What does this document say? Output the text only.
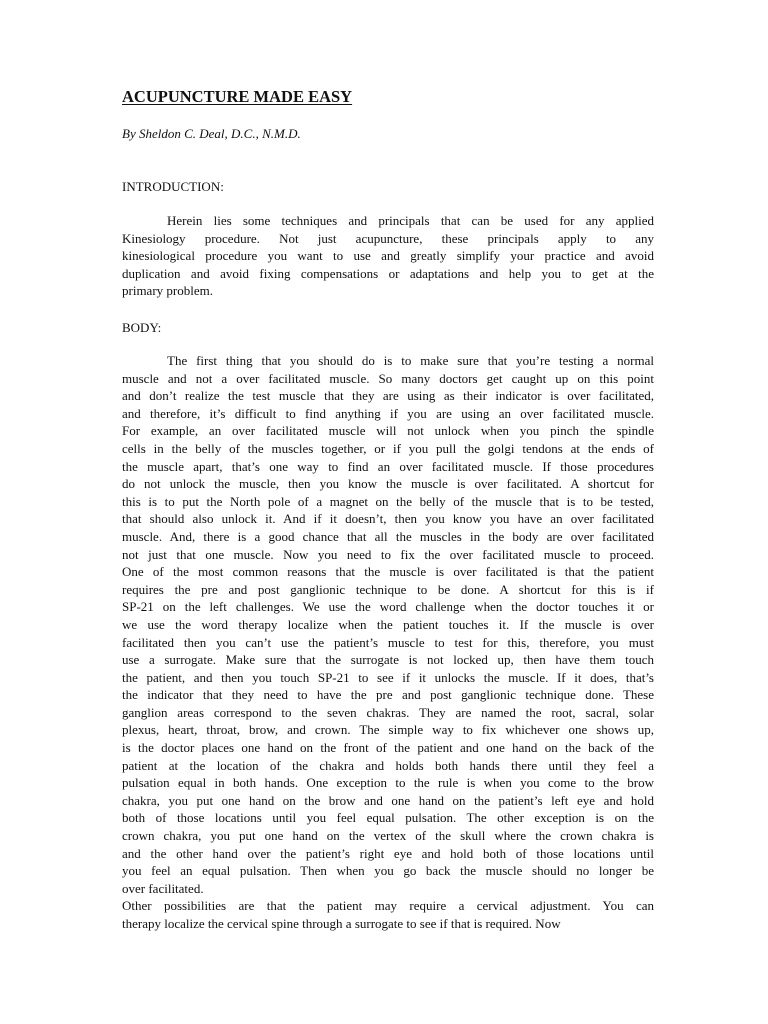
ACUPUNCTURE MADE EASY
By Sheldon C. Deal, D.C., N.M.D.
INTRODUCTION:
Herein lies some techniques and principals that can be used for any applied
Kinesiology procedure. Not just acupuncture, these principals apply to any
kinesiological procedure you want to use and greatly simplify your practice and avoid
duplication and avoid fixing compensations or adaptations and help you to get at the
primary problem.
BODY:
The first thing that you should do is to make sure that you’re testing a normal
muscle and not a over facilitated muscle. So many doctors get caught up on this point
and don’t realize the test muscle that they are using as their indicator is over facilitated,
and therefore, it’s difficult to find anything if you are using an over facilitated muscle.
For example, an over facilitated muscle will not unlock when you pinch the spindle
cells in the belly of the muscles together, or if you pull the golgi tendons at the ends of
the muscle apart, that’s one way to find an over facilitated muscle. If those procedures
do not unlock the muscle, then you know the muscle is over facilitated. A shortcut for
this is to put the North pole of a magnet on the belly of the muscle that is to be tested,
that should also unlock it. And if it doesn’t, then you know you have an over facilitated
muscle. And, there is a good chance that all the muscles in the body are over facilitated
not just that one muscle. Now you need to fix the over facilitated muscle to proceed.
One of the most common reasons that the muscle is over facilitated is that the patient
requires the pre and post ganglionic technique to be done. A shortcut for this is if
SP-21 on the left challenges. We use the word challenge when the doctor touches it or
we use the word therapy localize when the patient touches it. If the muscle is over
facilitated then you can’t use the patient’s muscle to test for this, therefore, you must
use a surrogate. Make sure that the surrogate is not locked up, then have them touch
the patient, and then you touch SP-21 to see if it unlocks the muscle. If it does, that’s
the indicator that they need to have the pre and post ganglionic technique done. These
ganglion areas correspond to the seven chakras. They are named the root, sacral, solar
plexus, heart, throat, brow, and crown. The simple way to fix whichever one shows up,
is the doctor places one hand on the front of the patient and one hand on the back of the
patient at the location of the chakra and holds both hands there until they feel a
pulsation equal in both hands. One exception to the rule is when you come to the brow
chakra, you put one hand on the brow and one hand on the patient’s left eye and hold
both of those locations until you feel equal pulsation. The other exception is on the
crown chakra, you put one hand on the vertex of the skull where the crown chakra is
and the other hand over the patient’s right eye and hold both of those locations until
you feel an equal pulsation. Then when you go back the muscle should no longer be
over facilitated.
Other possibilities are that the patient may require a cervical adjustment. You can
therapy localize the cervical spine through a surrogate to see if that is required. Now
